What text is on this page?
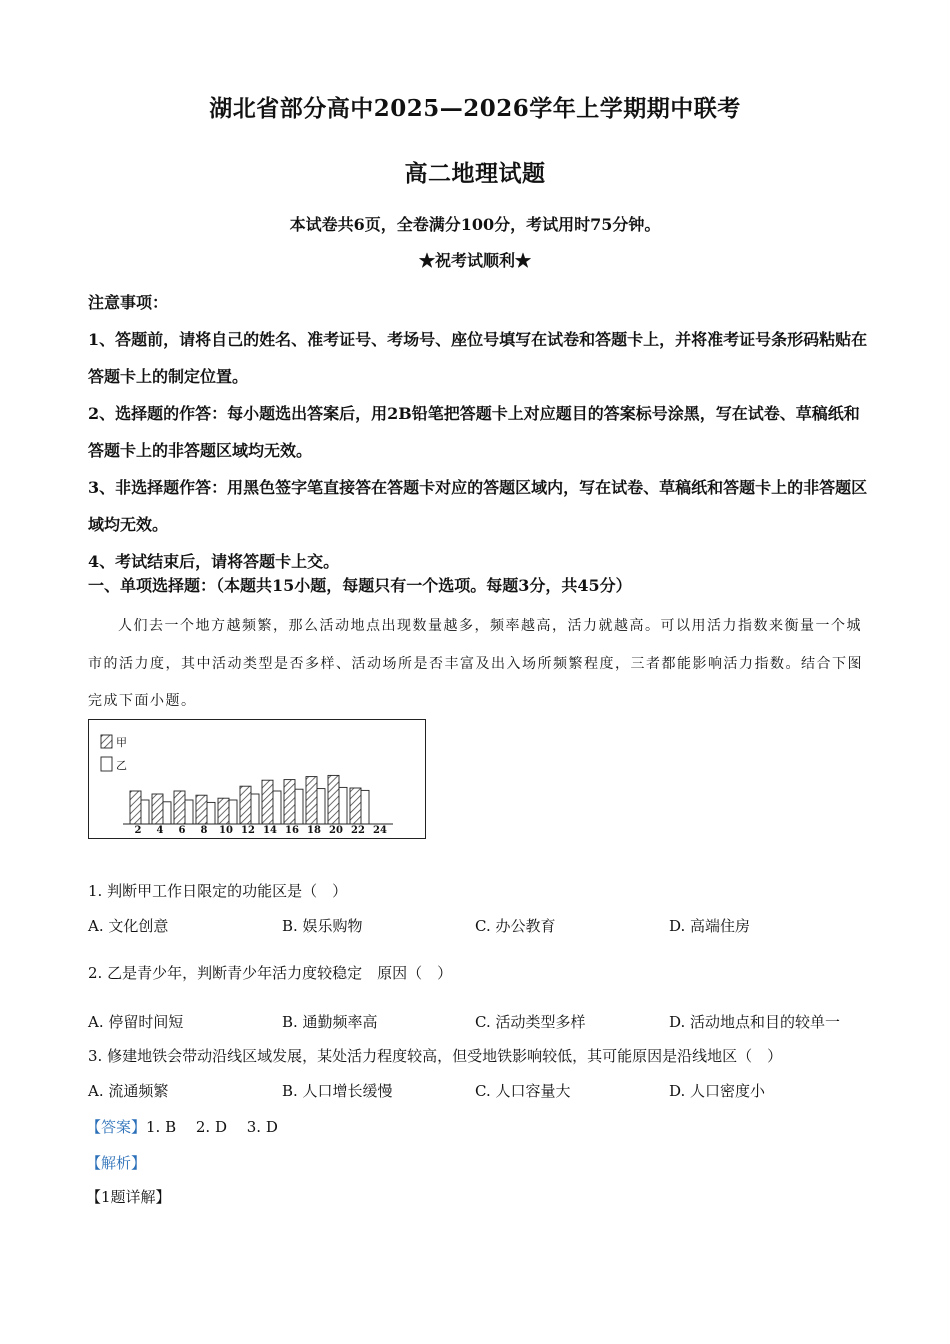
湖北省部分高中2025—2026学年上学期期中联考
高二地理试题
本试卷共6页，全卷满分100分，考试用时75分钟。
★祝考试顺利★

注意事项：

1、答题前，请将自己的姓名、准考证号、考场号、座位号填写在试卷和答题卡上，并将准考证号条形码粘贴在答题卡上的制定位置。

2、选择题的作答：每小题选出答案后，用2B铅笔把答题卡上对应题目的答案标号涂黑，写在试卷、草稿纸和答题卡上的非答题区域均无效。

3、非选择题作答：用黑色签字笔直接答在答题卡对应的答题区域内，写在试卷、草稿纸和答题卡上的非答题区域均无效。

4、考试结束后，请将答题卡上交。

一、单项选择题：（本题共15小题，每题只有一个选项。每题3分，共45分）

人们去一个地方越频繁，那么活动地点出现数量越多，频率越高，活力就越高。可以用活力指数来衡量一个城市的活力度，其中活动类型是否多样、活动场所是否丰富及出入场所频繁程度，三者都能影响活力指数。结合下图完成下面小题。

2 4 6 8 10 12 14 16 18 20 22 24
甲
乙
1. 判断甲工作日限定的功能区是（　）
A. 文化创意	B. 娱乐购物	C. 办公教育	D. 高端住房
2. 乙是青少年，判断青少年活力度较稳定　原因（　）
A. 停留时间短	B. 通勤频率高	C. 活动类型多样	D. 活动地点和目的较单一
3. 修建地铁会带动沿线区域发展，某处活力程度较高，但受地铁影响较低，其可能原因是沿线地区（　）
A. 流通频繁	B. 人口增长缓慢	C. 人口容量大	D. 人口密度小
【答案】1. B　 2. D　 3. D
【解析】
【1题详解】
